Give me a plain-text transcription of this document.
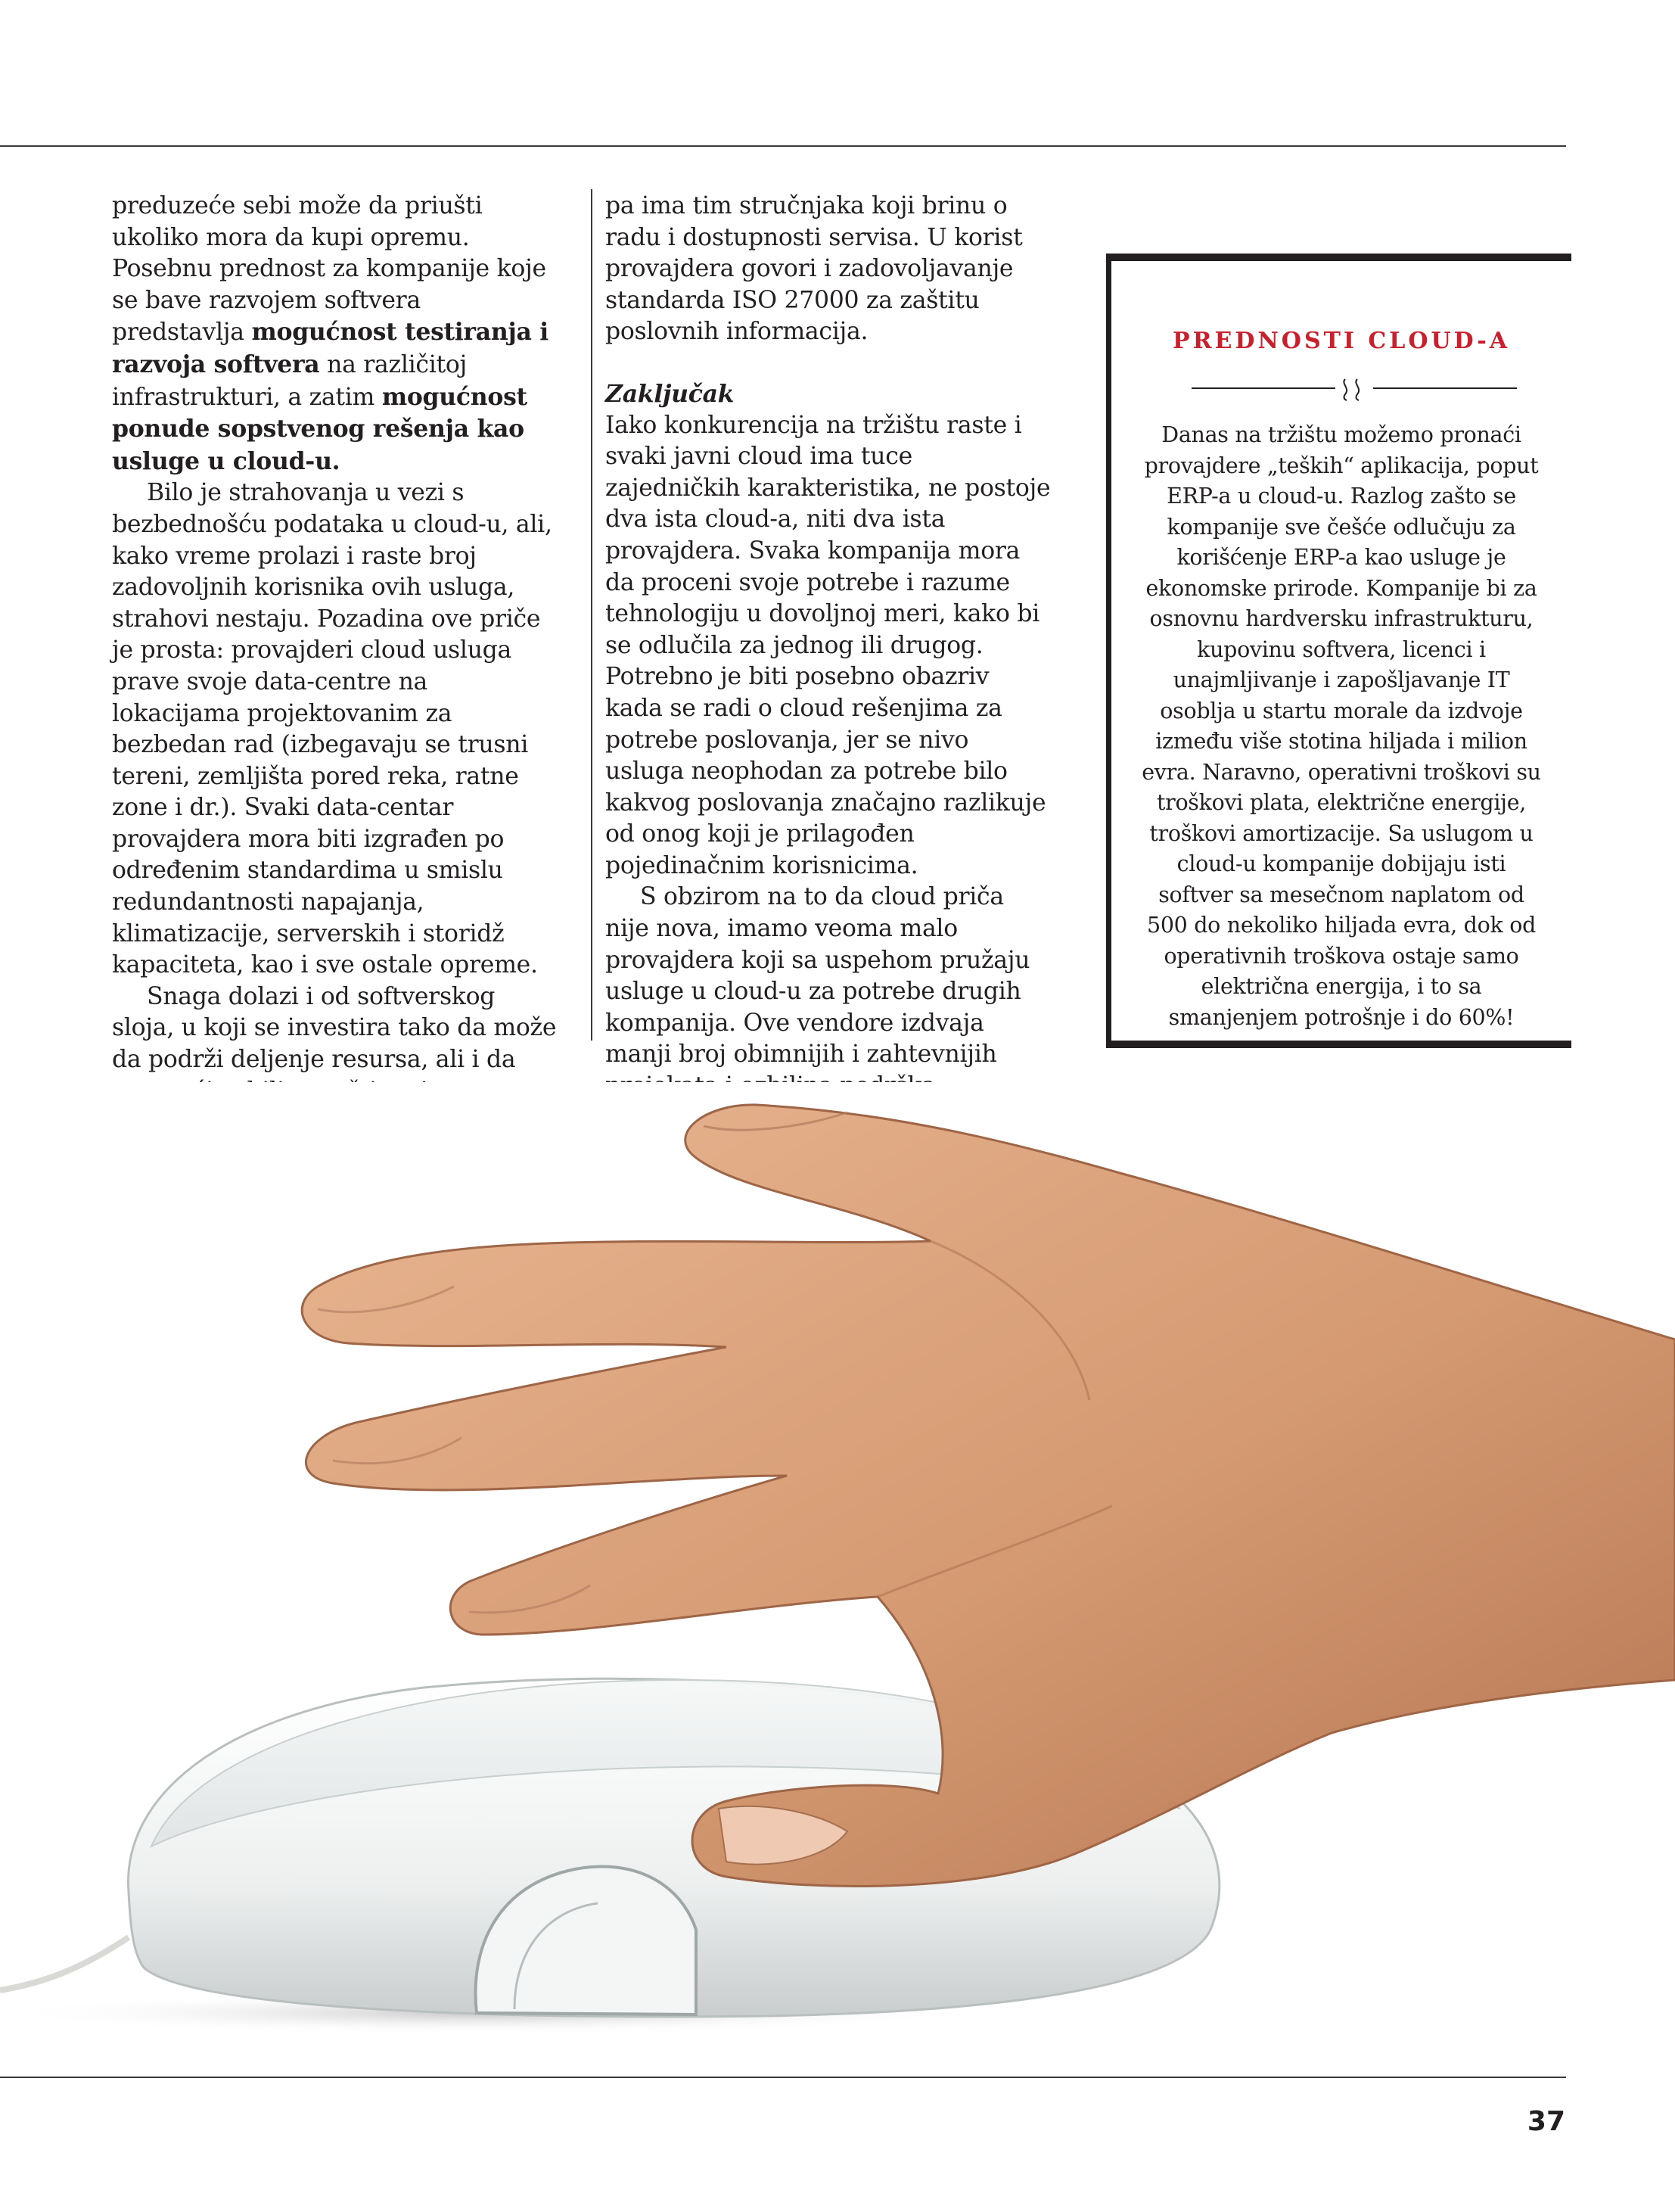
preduzeće sebi može da priušti ukoliko mora da kupi opremu. Posebnu prednost za kompanije koje se bave razvojem softvera predstavlja mogućnost testiranja i razvoja softvera na različitoj infrastrukturi, a zatim mogućnost ponude sopstvenog rešenja kao usluge u cloud-u.

Bilo je strahovanja u vezi s bezbednošću podataka u cloud-u, ali, kako vreme prolazi i raste broj zadovoljnih korisnika ovih usluga, strahovi nestaju. Pozadina ove priče je prosta: provajderi cloud usluga prave svoje data-centre na lokacijama projektovanim za bezbedan rad (izbegavaju se trusni tereni, zemljišta pored reka, ratne zone i dr.). Svaki data-centar provajdera mora biti izgrađen po određenim standardima u smislu redundantnosti napajanja, klimatizacije, serverskih i storidž kapaciteta, kao i sve ostale opreme.

Snaga dolazi i od softverskog sloja, u koji se investira tako da može da podrži deljenje resursa, ali i da

pa ima tim stručnjaka koji brinu o radu i dostupnosti servisa. U korist provajdera govori i zadovoljavanje standarda ISO 27000 za zaštitu poslovnih informacija.

Zaključak

Iako konkurencija na tržištu raste i svaki javni cloud ima tuce zajedničkih karakteristika, ne postoje dva ista cloud-a, niti dva ista provajdera. Svaka kompanija mora da proceni svoje potrebe i razume tehnologiju u dovoljnoj meri, kako bi se odlučila za jednog ili drugog. Potrebno je biti posebno obazriv kada se radi o cloud rešenjima za potrebe poslovanja, jer se nivo usluga neophodan za potrebe bilo kakvog poslovanja značajno razlikuje od onog koji je prilagođen pojedinačnim korisnicima.

S obzirom na to da cloud priča nije nova, imamo veoma malo provajdera koji sa uspehom pružaju usluge u cloud-u za potrebe drugih kompanija. Ove vendore izdvaja manji broj obimnijih i zahtevnijih

PREDNOSTI CLOUD-A
Danas na tržištu možemo pronaći provajdere „teških“ aplikacija, poput ERP-a u cloud-u. Razlog zašto se kompanije sve češće odlučuju za korišćenje ERP-a kao usluge je ekonomske prirode. Kompanije bi za osnovnu hardversku infrastrukturu, kupovinu softvera, licenci i unajmljivanje i zapošljavanje IT osoblja u startu morale da izdvoje između više stotina hiljada i milion evra. Naravno, operativni troškovi su troškovi plata, električne energije, troškovi amortizacije. Sa uslugom u cloud-u kompanije dobijaju isti softver sa mesečnom naplatom od 500 do nekoliko hiljada evra, dok od operativnih troškova ostaje samo električna energija, i to sa smanjenjem potrošnje i do 60%!
37
